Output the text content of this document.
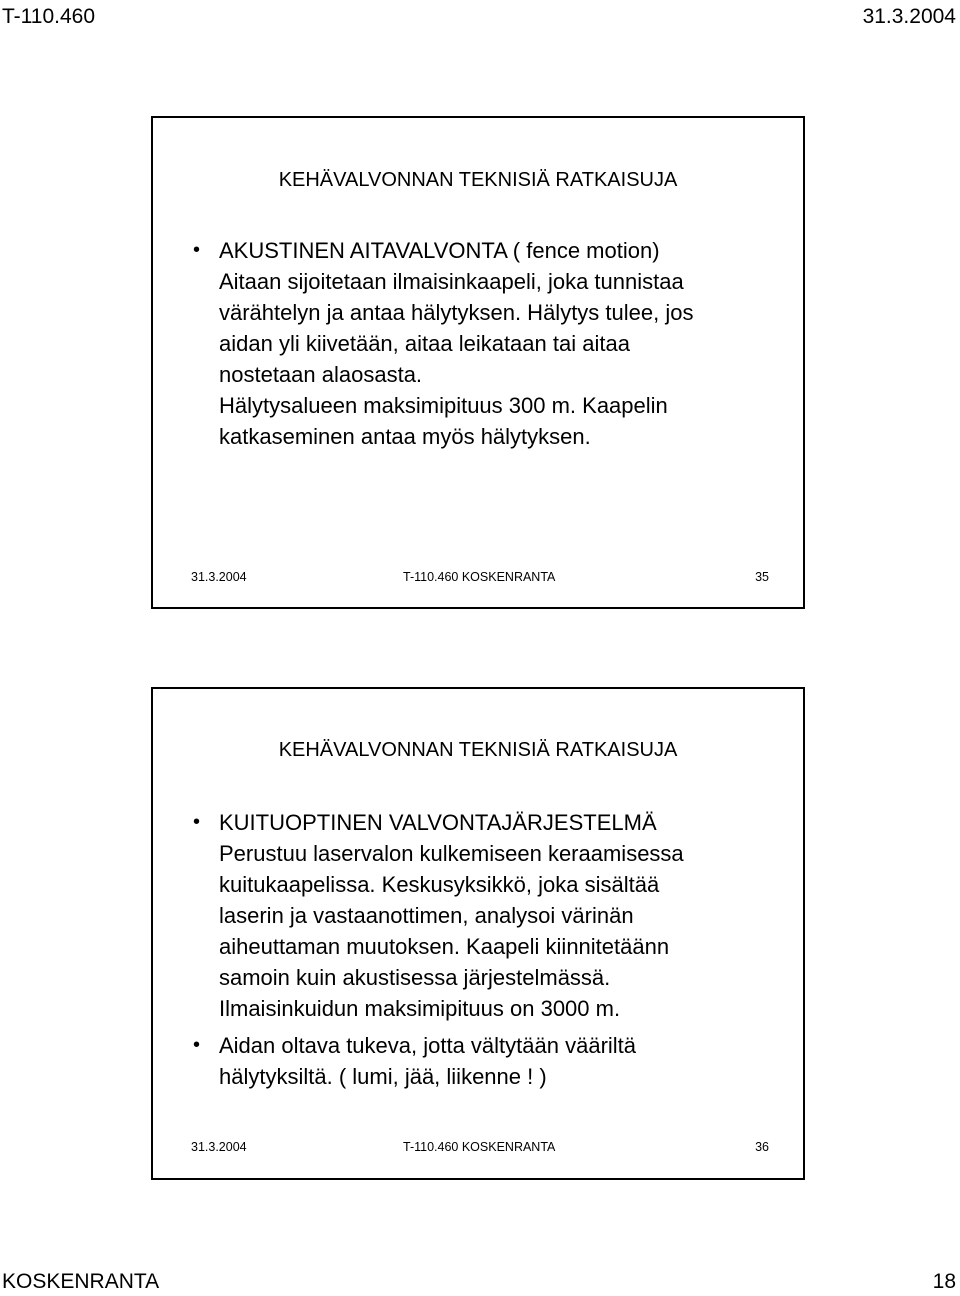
T-110.460	31.3.2004
KEHÄVALVONNAN TEKNISIÄ RATKAISUJA
• AKUSTINEN AITAVALVONTA ( fence motion)
Aitaan sijoitetaan ilmaisinkaapeli, joka tunnistaa
värähtelyn ja antaa hälytyksen. Hälytys tulee, jos
aidan yli kiivetään, aitaa leikataan tai aitaa
nostetaan alaosasta.
Hälytysalueen maksimipituus 300 m. Kaapelin
katkaseminen antaa myös hälytyksen.
31.3.2004	T-110.460 KOSKENRANTA	35
KEHÄVALVONNAN TEKNISIÄ RATKAISUJA
• KUITUOPTINEN VALVONTAJÄRJESTELMÄ
Perustuu laservalon kulkemiseen keraamisessa
kuitukaapelissa. Keskusyksikkö, joka sisältää
laserin ja vastaanottimen, analysoi värinän
aiheuttaman muutoksen. Kaapeli kiinnitetäänn
samoin kuin akustisessa järjestelmässä.
Ilmaisinkuidun maksimipituus on 3000 m.
• Aidan oltava tukeva, jotta vältytään vääriltä
hälytyksiltä. ( lumi, jää, liikenne ! )
31.3.2004	T-110.460 KOSKENRANTA	36
KOSKENRANTA	18
